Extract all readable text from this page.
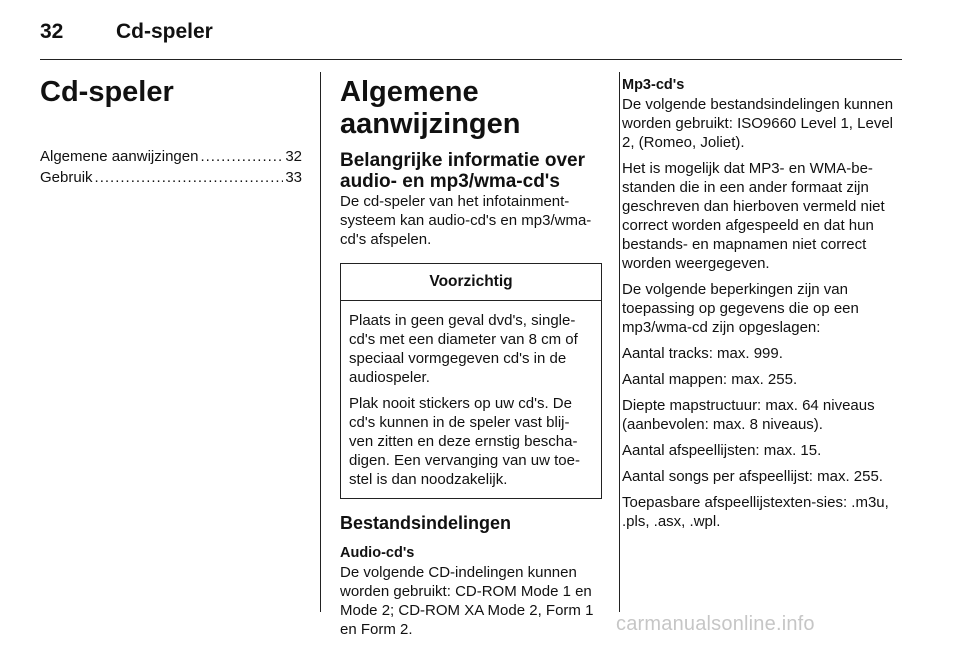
32	Cd-speler
Cd-speler
Algemene aanwijzingen .....	32
Gebruik .....	33
Algemene aanwijzingen
Belangrijke informatie over audio- en mp3/wma-cd's

De cd-speler van het infotainment-systeem kan audio-cd's en mp3/wma-cd's afspelen.

Voorzichtig

Plaats in geen geval dvd's, single-cd's met een diameter van 8 cm of speciaal vormgegeven cd's in de audiospeler.

Plak nooit stickers op uw cd's. De cd's kunnen in de speler vast blij-ven zitten en deze ernstig bescha-digen. Een vervanging van uw toe-stel is dan noodzakelijk.

Bestandsindelingen
Audio-cd's

De volgende CD-indelingen kunnen worden gebruikt: CD-ROM Mode 1 en Mode 2; CD-ROM XA Mode 2, Form 1 en Form 2.

Mp3-cd's

De volgende bestandsindelingen kunnen worden gebruikt: ISO9660 Level 1, Level 2, (Romeo, Joliet).

Het is mogelijk dat MP3- en WMA-be-standen die in een ander formaat zijn geschreven dan hierboven vermeld niet correct worden afgespeeld en dat hun bestands- en mapnamen niet correct worden weergegeven.

De volgende beperkingen zijn van toepassing op gegevens die op een mp3/wma-cd zijn opgeslagen:

Aantal tracks: max. 999.

Aantal mappen: max. 255.

Diepte mapstructuur: max. 64 niveaus (aanbevolen: max. 8 niveaus).

Aantal afspeellijsten: max. 15.

Aantal songs per afspeellijst: max. 255.

Toepasbare afspeellijstexten-sies: .m3u, .pls, .asx, .wpl.

carmanualsonline.info
